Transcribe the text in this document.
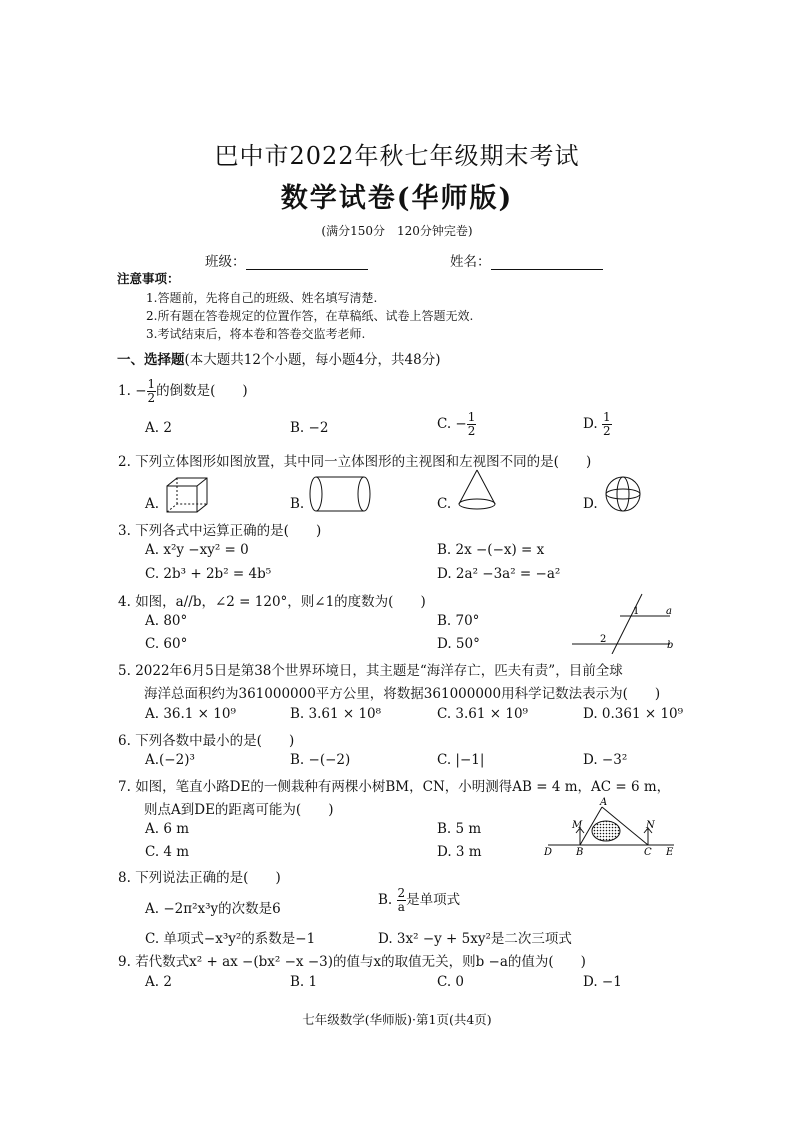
巴中市2022年秋七年级期末考试
数学试卷(华师版)
(满分150分　120分钟完卷)
班级：	姓名：
注意事项：
1.答题前，先将自己的班级、姓名填写清楚.
2.所有题在答卷规定的位置作答，在草稿纸、试卷上答题无效.
3.考试结束后，将本卷和答卷交监考老师.
一、选择题(本大题共12个小题，每小题4分，共48分)
1. − $\frac{1}{2}$ 的倒数是(　　)
A. 2	B. −2	C. − $\frac{1}{2}$	D. $\frac{1}{2}$
2. 下列立体图形如图放置，其中同一立体图形的主视图和左视图不同的是(　　)
A.	B.	C.	D.
3. 下列各式中运算正确的是(　　)
A. x²y −xy² = 0	B. 2x −(−x) = x
C. 2b³ + 2b² = 4b⁵	D. 2a² −3a² = −a²
4. 如图，a//b，∠2 = 120°，则∠1的度数为(　　)
A. 80°	B. 70°
C. 60°	D. 50°
1
2
a
b
5. 2022年6月5日是第38个世界环境日，其主题是“海洋存亡，匹夫有责”，目前全球
海洋总面积约为361000000平方公里，将数据361000000用科学记数法表示为(　　)
A. 36.1 × 10⁹	B. 3.61 × 10⁸	C. 3.61 × 10⁹	D. 0.361 × 10⁹
6. 下列各数中最小的是(　　)
A.(−2)³	B. −(−2)	C. |−1|	D. −3²
7. 如图，笔直小路DE的一侧栽种有两棵小树BM，CN，小明测得AB = 4 m，AC = 6 m，
则点A到DE的距离可能为(　　)
A. 6 m	B. 5 m
C. 4 m	D. 3 m
A
M	N
D B	C E
8. 下列说法正确的是(　　)
A. −2π²x³y的次数是6
B. $\frac{2}{a}$ 是单项式
C. 单项式−x³y²的系数是−1	D. 3x² −y + 5xy²是二次三项式
9. 若代数式x² + ax −(bx² −x −3)的值与x的取值无关，则b −a的值为(　　)
A. 2	B. 1	C. 0	D. −1
七年级数学(华师版)·第1页(共4页)
